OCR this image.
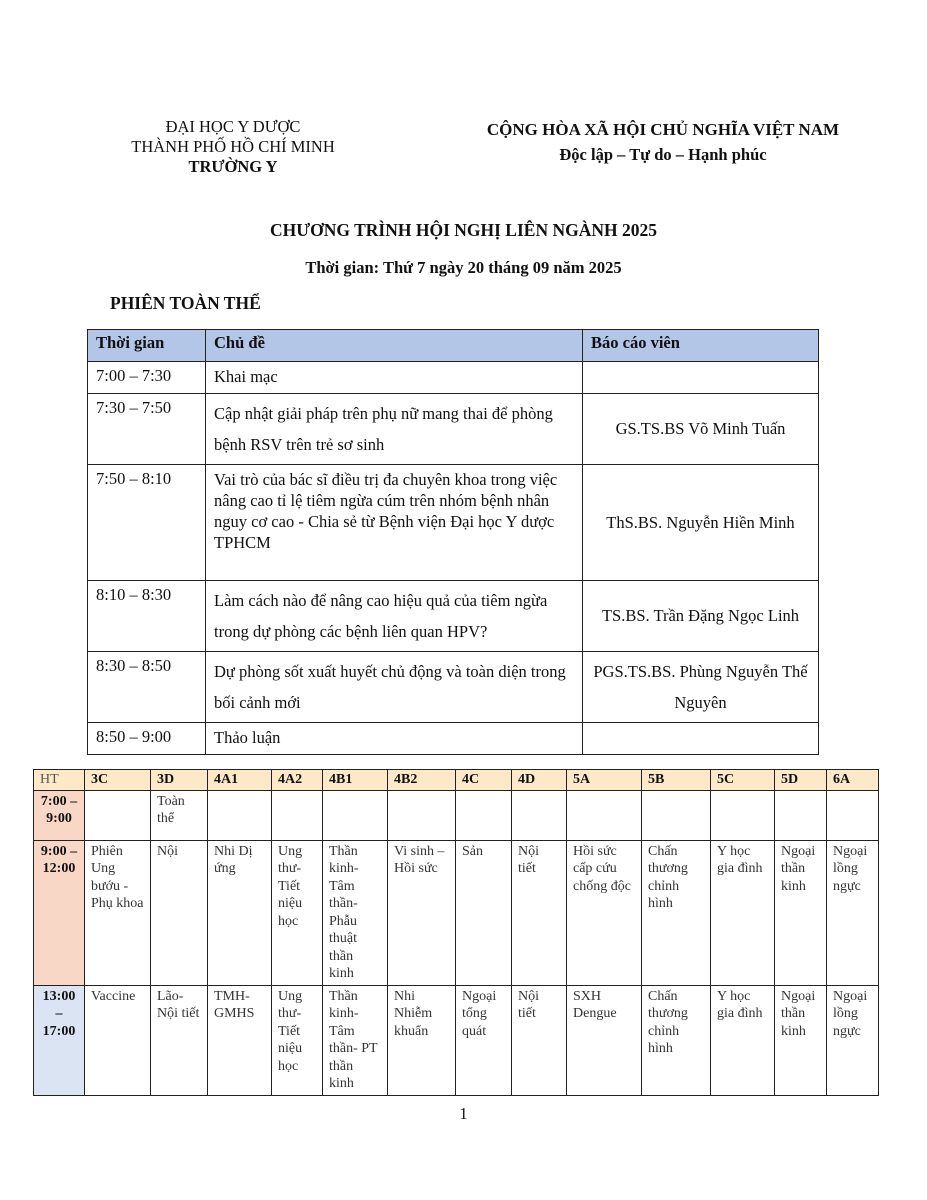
ĐẠI HỌC Y DƯỢC
THÀNH PHỐ HỒ CHÍ MINH
TRƯỜNG Y
CỘNG HÒA XÃ HỘI CHỦ NGHĨA VIỆT NAM
Độc lập – Tự do – Hạnh phúc
CHƯƠNG TRÌNH HỘI NGHỊ LIÊN NGÀNH 2025
Thời gian: Thứ 7 ngày 20 tháng 09 năm 2025
PHIÊN TOÀN THỂ
Thời gian	Chủ đề	Báo cáo viên
7:00 – 7:30	Khai mạc	
7:30 – 7:50	Cập nhật giải pháp trên phụ nữ mang thai để phòng bệnh RSV trên trẻ sơ sinh	GS.TS.BS Võ Minh Tuấn
7:50 – 8:10	Vai trò của bác sĩ điều trị đa chuyên khoa trong việc nâng cao tỉ lệ tiêm ngừa cúm trên nhóm bệnh nhân nguy cơ cao - Chia sẻ từ Bệnh viện Đại học Y dược TPHCM	ThS.BS. Nguyễn Hiền Minh
8:10 – 8:30	Làm cách nào để nâng cao hiệu quả của tiêm ngừa trong dự phòng các bệnh liên quan HPV?	TS.BS. Trần Đặng Ngọc Linh
8:30 – 8:50	Dự phòng sốt xuất huyết chủ động và toàn diện trong bối cảnh mới	PGS.TS.BS. Phùng Nguyễn Thế Nguyên
8:50 – 9:00	Thảo luận	
HT	3C	3D	4A1	4A2	4B1	4B2	4C	4D	5A	5B	5C	5D	6A
7:00 – 9:00		Toàn thể											
9:00 – 12:00	Phiên Ung bướu - Phụ khoa	Nội	Nhi Dị ứng	Ung thư-Tiết niệu học	Thần kinh-Tâm thần-Phẫu thuật thần kinh	Vi sinh – Hồi sức	Sản	Nội tiết	Hồi sức cấp cứu chống độc	Chấn thương chỉnh hình	Y học gia đình	Ngoại thần kinh	Ngoại lồng ngực
13:00 – 17:00	Vaccine	Lão-Nội tiết	TMH-GMHS	Ung thư-Tiết niệu học	Thần kinh-Tâm thần- PT thần kinh	Nhi Nhiễm khuẩn	Ngoại tổng quát	Nội tiết	SXH Dengue	Chấn thương chỉnh hình	Y học gia đình	Ngoại thần kinh	Ngoại lồng ngực
1
